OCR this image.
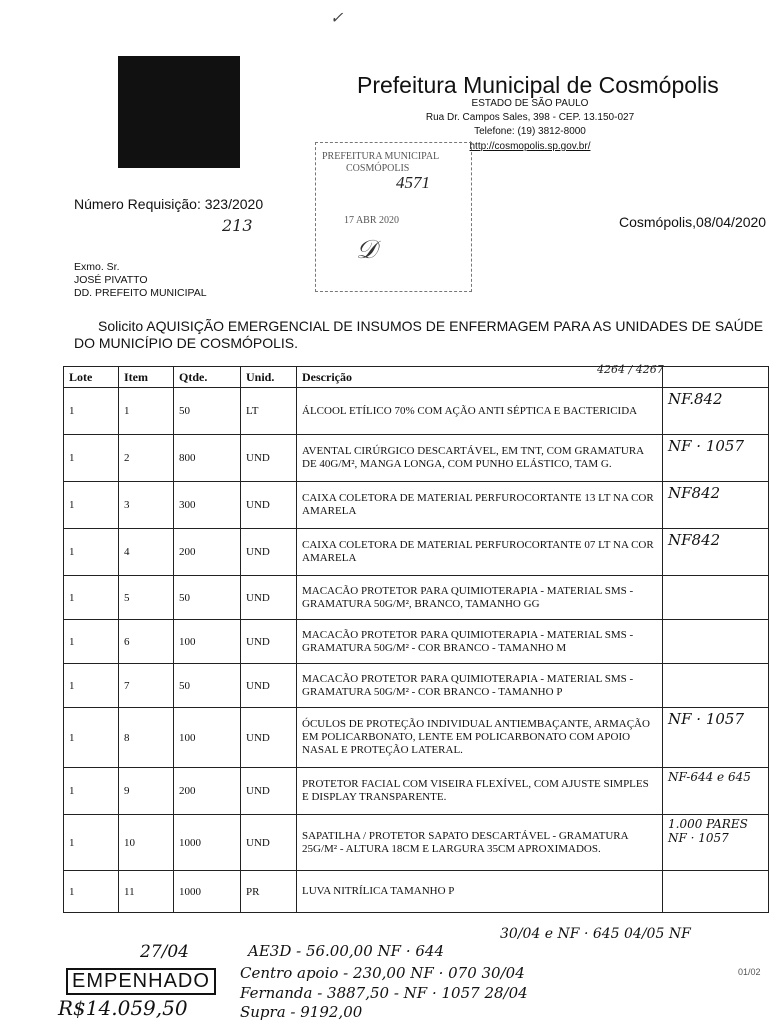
✓
Prefeitura Municipal de Cosmópolis
ESTADO DE SÃO PAULO
Rua Dr. Campos Sales, 398 - CEP. 13.150-027
Telefone: (19) 3812-8000
http://cosmopolis.sp.gov.br/
PREFEITURA MUNICIPAL
COSMÓPOLIS
4571
17 ABR 2020
𝒟
Número Requisição: 323/2020
213	Cosmópolis,08/04/2020
Exmo. Sr.
JOSÉ PIVATTO
DD. PREFEITO MUNICIPAL
Solicito AQUISIÇÃO EMERGENCIAL DE INSUMOS DE ENFERMAGEM PARA AS UNIDADES DE SAÚDE DO MUNICÍPIO DE COSMÓPOLIS.
4264 / 4267
Lote	Item	Qtde.	Unid.	Descrição	
1	1	50	LT	ÁLCOOL ETÍLICO 70% COM AÇÃO ANTI SÉPTICA E BACTERICIDA	NF.842
1	2	800	UND	AVENTAL CIRÚRGICO DESCARTÁVEL, EM TNT, COM GRAMATURA DE 40G/M², MANGA LONGA, COM PUNHO ELÁSTICO, TAM G.	NF · 1057
1	3	300	UND	CAIXA COLETORA DE MATERIAL PERFUROCORTANTE 13 LT NA COR AMARELA	NF842
1	4	200	UND	CAIXA COLETORA DE MATERIAL PERFUROCORTANTE 07 LT NA COR AMARELA	NF842
1	5	50	UND	MACACÃO PROTETOR PARA QUIMIOTERAPIA - MATERIAL SMS - GRAMATURA 50G/M², BRANCO, TAMANHO GG	
1	6	100	UND	MACACÃO PROTETOR PARA QUIMIOTERAPIA - MATERIAL SMS - GRAMATURA 50G/M² - COR BRANCO - TAMANHO M	
1	7	50	UND	MACACÃO PROTETOR PARA QUIMIOTERAPIA - MATERIAL SMS - GRAMATURA 50G/M² - COR BRANCO - TAMANHO P	
1	8	100	UND	ÓCULOS DE PROTEÇÃO INDIVIDUAL ANTIEMBAÇANTE, ARMAÇÃO EM POLICARBONATO, LENTE EM POLICARBONATO COM APOIO NASAL E PROTEÇÃO LATERAL.	NF · 1057
1	9	200	UND	PROTETOR FACIAL COM VISEIRA FLEXÍVEL, COM AJUSTE SIMPLES E DISPLAY TRANSPARENTE.	NF-644 e 645
1	10	1000	UND	SAPATILHA / PROTETOR SAPATO DESCARTÁVEL - GRAMATURA 25G/M² - ALTURA 18CM E LARGURA 35CM APROXIMADOS.	1.000 PARES NF · 1057
1	11	1000	PR	LUVA NITRÍLICA TAMANHO P	
30/04 e NF · 645 04/05 NF
27/04	AE3D - 56.00,00 NF · 644
Centro apoio - 230,00 NF · 070 30/04
Fernanda - 3887,50 - NF · 1057 28/04
Supra - 9192,00
EMPENHADO
R$14.059,50
01/02
